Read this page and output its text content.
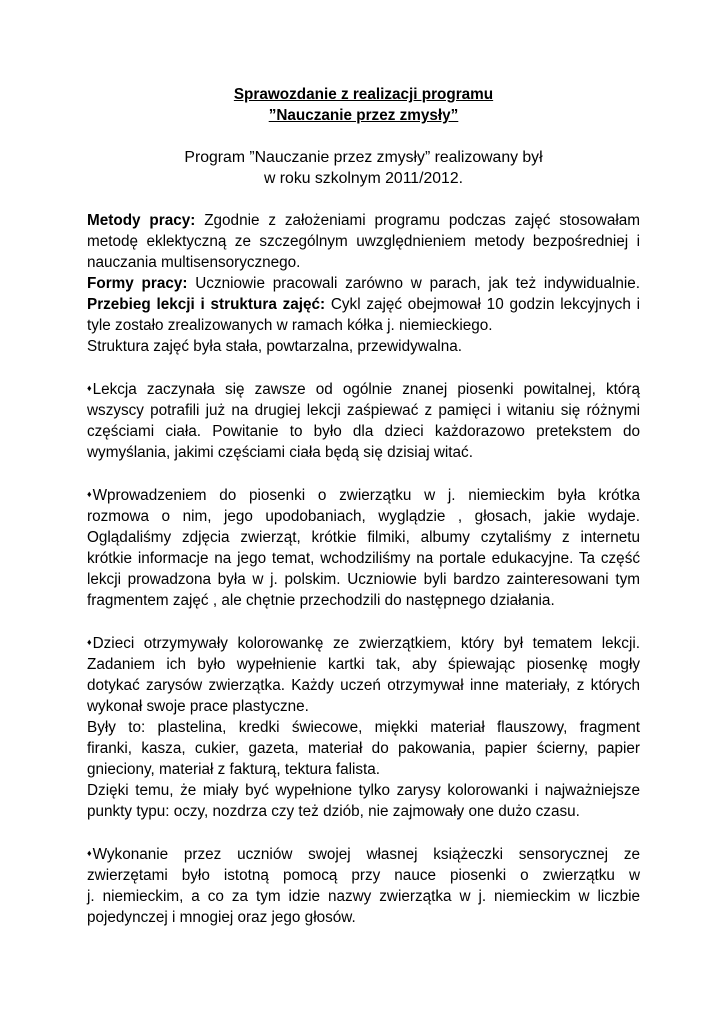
Sprawozdanie z realizacji programu
”Nauczanie przez zmysły”
Program ”Nauczanie przez zmysły” realizowany był
w roku szkolnym 2011/2012.
Metody pracy: Zgodnie z założeniami programu podczas zajęć stosowałam
metodę eklektyczną ze szczególnym uwzględnieniem metody bezpośredniej i
nauczania multisensorycznego.
Formy pracy: Uczniowie pracowali zarówno w parach, jak też indywidualnie.
Przebieg lekcji i struktura zajęć: Cykl zajęć obejmował 10 godzin lekcyjnych i
tyle zostało zrealizowanych w ramach kółka j. niemieckiego.
Struktura zajęć była stała, powtarzalna, przewidywalna.
♦Lekcja zaczynała się zawsze od ogólnie znanej piosenki powitalnej, którą
wszyscy potrafili już na drugiej lekcji zaśpiewać z pamięci i witaniu się różnymi
częściami ciała. Powitanie to było dla dzieci każdorazowo pretekstem do
wymyślania, jakimi częściami ciała będą się dzisiaj witać.
♦Wprowadzeniem do piosenki o zwierzątku w j. niemieckim była krótka
rozmowa o nim, jego upodobaniach, wyglądzie , głosach, jakie wydaje.
Oglądaliśmy zdjęcia zwierząt, krótkie filmiki, albumy czytaliśmy z internetu
krótkie informacje na jego temat, wchodziliśmy na portale edukacyjne. Ta część
lekcji prowadzona była w j. polskim. Uczniowie byli bardzo zainteresowani tym
fragmentem zajęć , ale chętnie przechodzili do następnego działania.
♦Dzieci otrzymywały kolorowankę ze zwierzątkiem, który był tematem lekcji.
Zadaniem ich było wypełnienie kartki tak, aby śpiewając piosenkę mogły
dotykać zarysów zwierzątka. Każdy uczeń otrzymywał inne materiały, z których
wykonał swoje prace plastyczne.
Były to: plastelina, kredki świecowe, miękki materiał flauszowy, fragment
firanki, kasza, cukier, gazeta, materiał do pakowania, papier ścierny, papier
gnieciony, materiał z fakturą, tektura falista.
Dzięki temu, że miały być wypełnione tylko zarysy kolorowanki i najważniejsze
punkty typu: oczy, nozdrza czy też dziób, nie zajmowały one dużo czasu.
♦Wykonanie przez uczniów swojej własnej książeczki sensorycznej ze
zwierzętami było istotną pomocą przy nauce piosenki o zwierzątku w
j. niemieckim, a co za tym idzie nazwy zwierzątka w j. niemieckim w liczbie
pojedynczej i mnogiej oraz jego głosów.
